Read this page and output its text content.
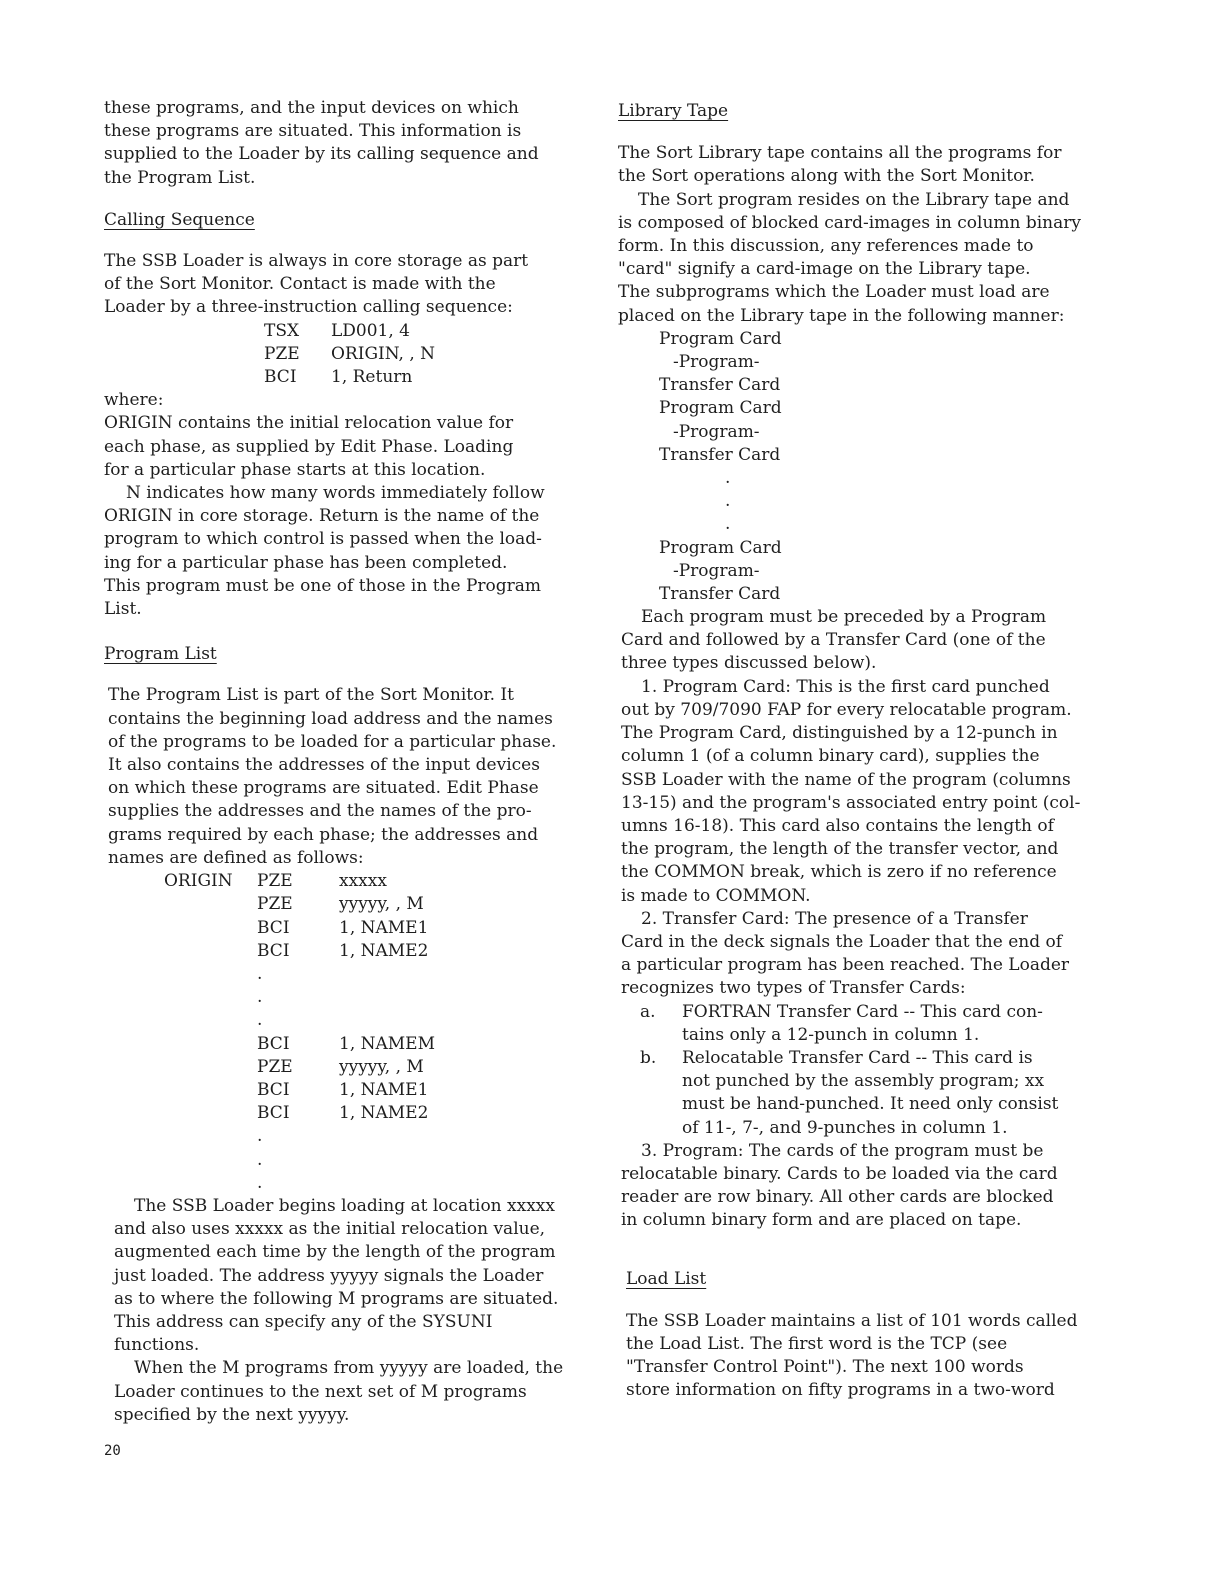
these programs, and the input devices on which
these programs are situated. This information is
supplied to the Loader by its calling sequence and
the Program List.

Calling Sequence

The SSB Loader is always in core storage as part
of the Sort Monitor. Contact is made with the
Loader by a three-instruction calling sequence:

TSX	LD001, 4
PZE	ORIGIN, , N
BCI	1, Return

where:

ORIGIN contains the initial relocation value for
each phase, as supplied by Edit Phase. Loading
for a particular phase starts at this location.

N indicates how many words immediately follow
ORIGIN in core storage. Return is the name of the
program to which control is passed when the load-
ing for a particular phase has been completed.
This program must be one of those in the Program
List.

Program List

The Program List is part of the Sort Monitor. It
contains the beginning load address and the names
of the programs to be loaded for a particular phase.
It also contains the addresses of the input devices
on which these programs are situated. Edit Phase
supplies the addresses and the names of the pro-
grams required by each phase; the addresses and
names are defined as follows:

ORIGIN	PZE	xxxxx
	PZE	yyyyy, , M
	BCI	1, NAME1
	BCI	1, NAME2
	.	
	.	
	.	
	BCI	1, NAMEM
	PZE	yyyyy, , M
	BCI	1, NAME1
	BCI	1, NAME2
	.	
	.	
	.	

The SSB Loader begins loading at location xxxxx
and also uses xxxxx as the initial relocation value,
augmented each time by the length of the program
just loaded. The address yyyyy signals the Loader
as to where the following M programs are situated.
This address can specify any of the SYSUNI functions.

When the M programs from yyyyy are loaded, the
Loader continues to the next set of M programs
specified by the next yyyyy.

Library Tape

The Sort Library tape contains all the programs for
the Sort operations along with the Sort Monitor.

The Sort program resides on the Library tape and
is composed of blocked card-images in column binary
form. In this discussion, any references made to
"card" signify a card-image on the Library tape.
The subprograms which the Loader must load are
placed on the Library tape in the following manner:

Program Card
-Program-
Transfer Card
Program Card
-Program-
Transfer Card
.
.
.
Program Card
-Program-
Transfer Card

Each program must be preceded by a Program
Card and followed by a Transfer Card (one of the
three types discussed below).

1. Program Card: This is the first card punched
out by 709/7090 FAP for every relocatable program.
The Program Card, distinguished by a 12-punch in
column 1 (of a column binary card), supplies the
SSB Loader with the name of the program (columns
13-15) and the program's associated entry point (col-
umns 16-18). This card also contains the length of
the program, the length of the transfer vector, and
the COMMON break, which is zero if no reference
is made to COMMON.

2. Transfer Card: The presence of a Transfer
Card in the deck signals the Loader that the end of
a particular program has been reached. The Loader
recognizes two types of Transfer Cards:

a.	FORTRAN Transfer Card -- This card con-
tains only a 12-punch in column 1.
b.	Relocatable Transfer Card -- This card is
not punched by the assembly program; xx
must be hand-punched. It need only consist
of 11-, 7-, and 9-punches in column 1.

3. Program: The cards of the program must be
relocatable binary. Cards to be loaded via the card
reader are row binary. All other cards are blocked
in column binary form and are placed on tape.

Load List

The SSB Loader maintains a list of 101 words called
the Load List. The first word is the TCP (see
"Transfer Control Point"). The next 100 words
store information on fifty programs in a two-word

20
